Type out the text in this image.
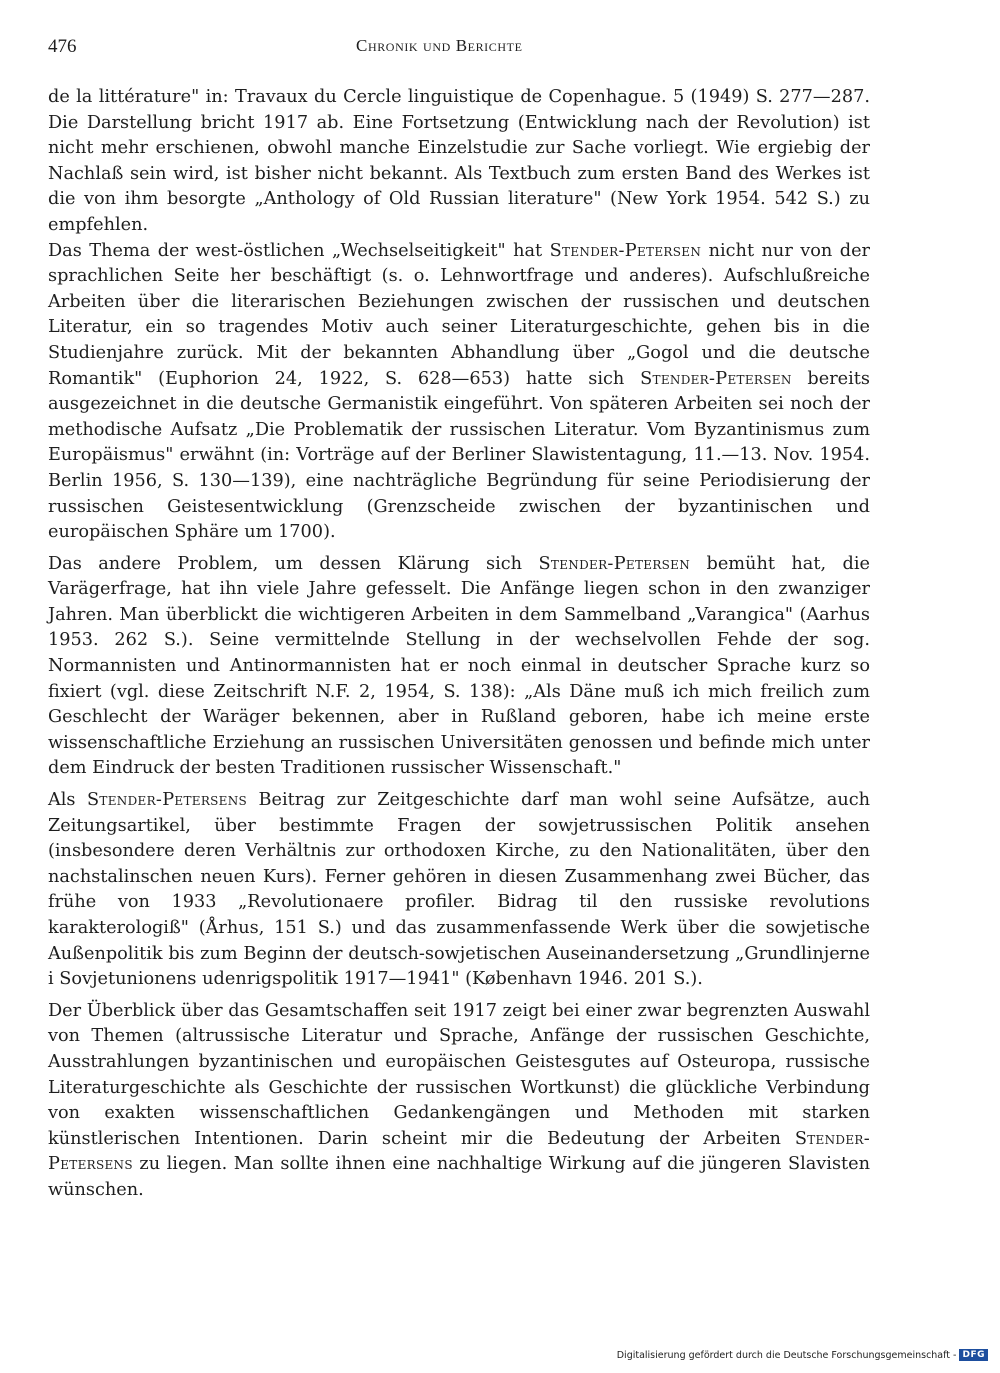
476	Chronik und Berichte

de la littérature" in: Travaux du Cercle linguistique de Copenhague. 5 (1949) S. 277—287. Die Darstellung bricht 1917 ab. Eine Fortsetzung (Entwicklung nach der Revolution) ist nicht mehr erschienen, obwohl manche Einzelstudie zur Sache vorliegt. Wie ergiebig der Nachlaß sein wird, ist bisher nicht bekannt. Als Textbuch zum ersten Band des Werkes ist die von ihm besorgte „Anthology of Old Russian literature" (New York 1954. 542 S.) zu empfehlen.

Das Thema der west-östlichen „Wechselseitigkeit" hat Stender-Petersen nicht nur von der sprachlichen Seite her beschäftigt (s. o. Lehnwortfrage und anderes). Aufschlußreiche Arbeiten über die literarischen Beziehungen zwischen der russischen und deutschen Literatur, ein so tragendes Motiv auch seiner Literaturgeschichte, gehen bis in die Studienjahre zurück. Mit der bekannten Abhandlung über „Gogol und die deutsche Romantik" (Euphorion 24, 1922, S. 628—653) hatte sich Stender-Petersen bereits ausgezeichnet in die deutsche Germanistik eingeführt. Von späteren Arbeiten sei noch der methodische Aufsatz „Die Problematik der russischen Literatur. Vom Byzantinismus zum Europäismus" erwähnt (in: Vorträge auf der Berliner Slawistentagung, 11.—13. Nov. 1954. Berlin 1956, S. 130—139), eine nachträgliche Begründung für seine Periodisierung der russischen Geistesentwicklung (Grenzscheide zwischen der byzantinischen und europäischen Sphäre um 1700).

Das andere Problem, um dessen Klärung sich Stender-Petersen bemüht hat, die Varägerfrage, hat ihn viele Jahre gefesselt. Die Anfänge liegen schon in den zwanziger Jahren. Man überblickt die wichtigeren Arbeiten in dem Sammelband „Varangica" (Aarhus 1953. 262 S.). Seine vermittelnde Stellung in der wechselvollen Fehde der sog. Normannisten und Antinormannisten hat er noch einmal in deutscher Sprache kurz so fixiert (vgl. diese Zeitschrift N.F. 2, 1954, S. 138): „Als Däne muß ich mich freilich zum Geschlecht der Waräger bekennen, aber in Rußland geboren, habe ich meine erste wissenschaftliche Erziehung an russischen Universitäten genossen und befinde mich unter dem Eindruck der besten Traditionen russischer Wissenschaft."

Als Stender-Petersens Beitrag zur Zeitgeschichte darf man wohl seine Aufsätze, auch Zeitungsartikel, über bestimmte Fragen der sowjetrussischen Politik ansehen (insbesondere deren Verhältnis zur orthodoxen Kirche, zu den Nationalitäten, über den nachstalinschen neuen Kurs). Ferner gehören in diesen Zusammenhang zwei Bücher, das frühe von 1933 „Revolutionaere profiler. Bidrag til den russiske revolutions karakterologiß" (Århus, 151 S.) und das zusammenfassende Werk über die sowjetische Außenpolitik bis zum Beginn der deutsch-sowjetischen Auseinandersetzung „Grundlinjerne i Sovjetunionens udenrigspolitik 1917—1941" (København 1946. 201 S.).

Der Überblick über das Gesamtschaffen seit 1917 zeigt bei einer zwar begrenzten Auswahl von Themen (altrussische Literatur und Sprache, Anfänge der russischen Geschichte, Ausstrahlungen byzantinischen und europäischen Geistesgutes auf Osteuropa, russische Literaturgeschichte als Geschichte der russischen Wortkunst) die glückliche Verbindung von exakten wissenschaftlichen Gedankengängen und Methoden mit starken künstlerischen Intentionen. Darin scheint mir die Bedeutung der Arbeiten Stender-Petersens zu liegen. Man sollte ihnen eine nachhaltige Wirkung auf die jüngeren Slavisten wünschen.

Digitalisierung gefördert durch die Deutsche Forschungsgemeinschaft - DFG
